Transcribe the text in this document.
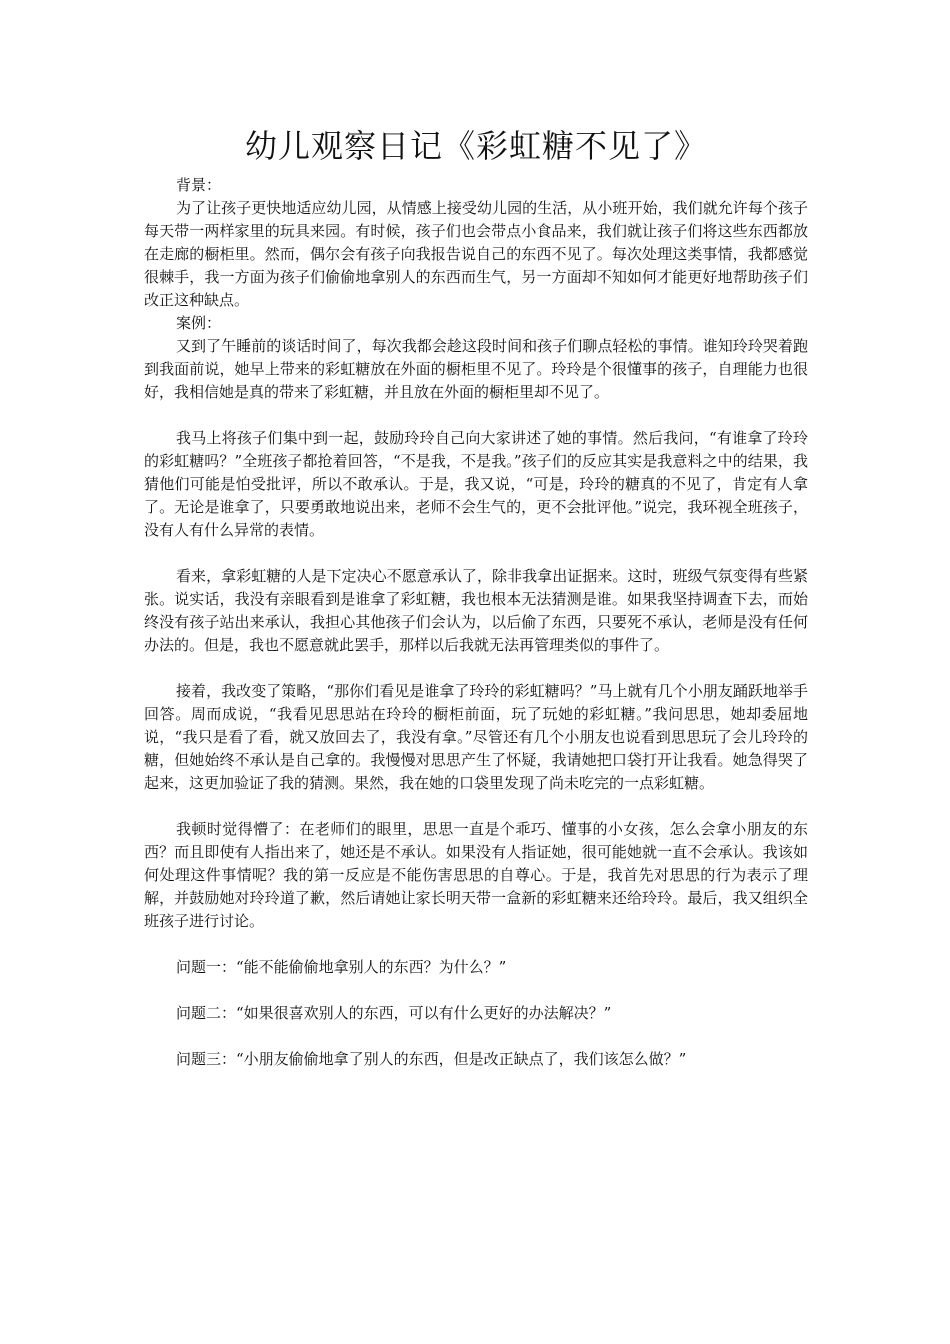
幼儿观察日记《彩虹糖不见了》

背景：

为了让孩子更快地适应幼儿园，从情感上接受幼儿园的生活，从小班开始，我们就允许每个孩子每天带一两样家里的玩具来园。有时候，孩子们也会带点小食品来，我们就让孩子们将这些东西都放在走廊的橱柜里。然而，偶尔会有孩子向我报告说自己的东西不见了。每次处理这类事情，我都感觉很棘手，我一方面为孩子们偷偷地拿别人的东西而生气，另一方面却不知如何才能更好地帮助孩子们改正这种缺点。

案例：

又到了午睡前的谈话时间了，每次我都会趁这段时间和孩子们聊点轻松的事情。谁知玲玲哭着跑到我面前说，她早上带来的彩虹糖放在外面的橱柜里不见了。玲玲是个很懂事的孩子，自理能力也很好，我相信她是真的带来了彩虹糖，并且放在外面的橱柜里却不见了。

我马上将孩子们集中到一起，鼓励玲玲自己向大家讲述了她的事情。然后我问，“有谁拿了玲玲的彩虹糖吗？”全班孩子都抢着回答，“不是我，不是我。”孩子们的反应其实是我意料之中的结果，我猜他们可能是怕受批评，所以不敢承认。于是，我又说，“可是，玲玲的糖真的不见了，肯定有人拿了。无论是谁拿了，只要勇敢地说出来，老师不会生气的，更不会批评他。”说完，我环视全班孩子，没有人有什么异常的表情。

看来，拿彩虹糖的人是下定决心不愿意承认了，除非我拿出证据来。这时，班级气氛变得有些紧张。说实话，我没有亲眼看到是谁拿了彩虹糖，我也根本无法猜测是谁。如果我坚持调查下去，而始终没有孩子站出来承认，我担心其他孩子们会认为，以后偷了东西，只要死不承认，老师是没有任何办法的。但是，我也不愿意就此罢手，那样以后我就无法再管理类似的事件了。

接着，我改变了策略，“那你们看见是谁拿了玲玲的彩虹糖吗？”马上就有几个小朋友踊跃地举手回答。周而成说，“我看见思思站在玲玲的橱柜前面，玩了玩她的彩虹糖。”我问思思，她却委屈地说，“我只是看了看，就又放回去了，我没有拿。”尽管还有几个小朋友也说看到思思玩了会儿玲玲的糖，但她始终不承认是自己拿的。我慢慢对思思产生了怀疑，我请她把口袋打开让我看。她急得哭了起来，这更加验证了我的猜测。果然，我在她的口袋里发现了尚未吃完的一点彩虹糖。

我顿时觉得懵了：在老师们的眼里，思思一直是个乖巧、懂事的小女孩，怎么会拿小朋友的东西？而且即使有人指出来了，她还是不承认。如果没有人指证她，很可能她就一直不会承认。我该如何处理这件事情呢？我的第一反应是不能伤害思思的自尊心。于是，我首先对思思的行为表示了理解，并鼓励她对玲玲道了歉，然后请她让家长明天带一盒新的彩虹糖来还给玲玲。最后，我又组织全班孩子进行讨论。

问题一：“能不能偷偷地拿别人的东西？为什么？”

问题二：“如果很喜欢别人的东西，可以有什么更好的办法解决？”

问题三：“小朋友偷偷地拿了别人的东西，但是改正缺点了，我们该怎么做？”
